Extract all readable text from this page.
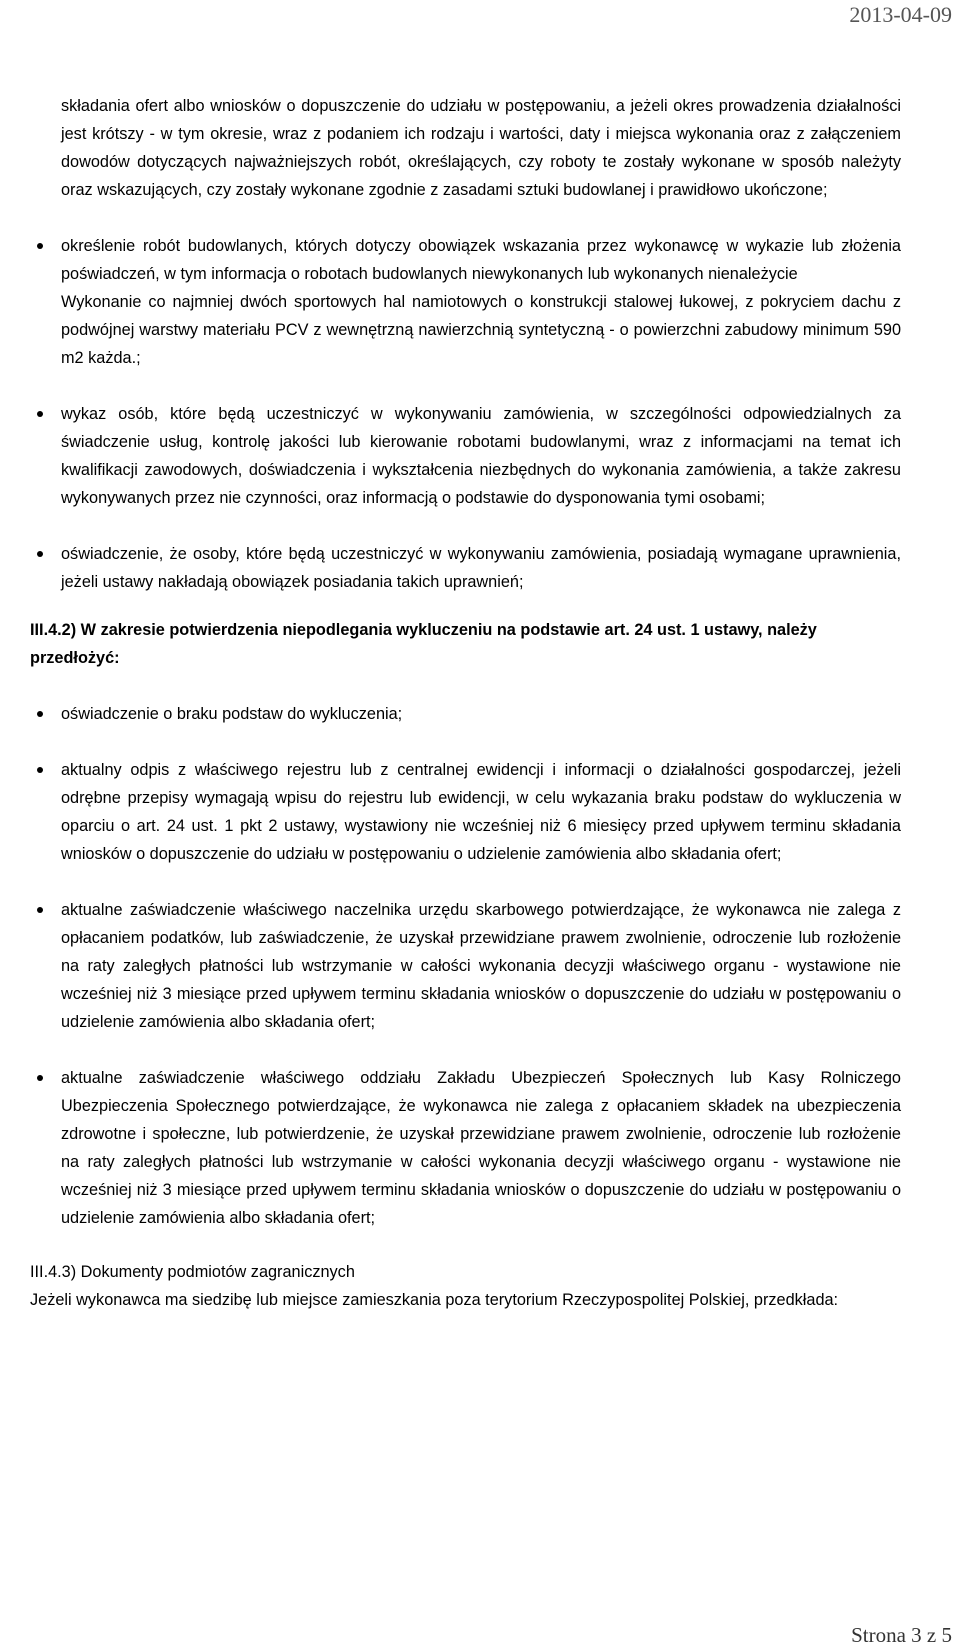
2013-04-09

składania ofert albo wniosków o dopuszczenie do udziału w postępowaniu, a jeżeli okres prowadzenia działalności jest krótszy - w tym okresie, wraz z podaniem ich rodzaju i wartości, daty i miejsca wykonania oraz z załączeniem dowodów dotyczących najważniejszych robót, określających, czy roboty te zostały wykonane w sposób należyty oraz wskazujących, czy zostały wykonane zgodnie z zasadami sztuki budowlanej i prawidłowo ukończone;

określenie robót budowlanych, których dotyczy obowiązek wskazania przez wykonawcę w wykazie lub złożenia poświadczeń, w tym informacja o robotach budowlanych niewykonanych lub wykonanych nienależycie

Wykonanie co najmniej dwóch sportowych hal namiotowych o konstrukcji stalowej łukowej, z pokryciem dachu z podwójnej warstwy materiału PCV z wewnętrzną nawierzchnią syntetyczną - o powierzchni zabudowy minimum 590 m2 każda.;

wykaz osób, które będą uczestniczyć w wykonywaniu zamówienia, w szczególności odpowiedzialnych za świadczenie usług, kontrolę jakości lub kierowanie robotami budowlanymi, wraz z informacjami na temat ich kwalifikacji zawodowych, doświadczenia i wykształcenia niezbędnych do wykonania zamówienia, a także zakresu wykonywanych przez nie czynności, oraz informacją o podstawie do dysponowania tymi osobami;

oświadczenie, że osoby, które będą uczestniczyć w wykonywaniu zamówienia, posiadają wymagane uprawnienia, jeżeli ustawy nakładają obowiązek posiadania takich uprawnień;

III.4.2) W zakresie potwierdzenia niepodlegania wykluczeniu na podstawie art. 24 ust. 1 ustawy, należy przedłożyć:

oświadczenie o braku podstaw do wykluczenia;

aktualny odpis z właściwego rejestru lub z centralnej ewidencji i informacji o działalności gospodarczej, jeżeli odrębne przepisy wymagają wpisu do rejestru lub ewidencji, w celu wykazania braku podstaw do wykluczenia w oparciu o art. 24 ust. 1 pkt 2 ustawy, wystawiony nie wcześniej niż 6 miesięcy przed upływem terminu składania wniosków o dopuszczenie do udziału w postępowaniu o udzielenie zamówienia albo składania ofert;

aktualne zaświadczenie właściwego naczelnika urzędu skarbowego potwierdzające, że wykonawca nie zalega z opłacaniem podatków, lub zaświadczenie, że uzyskał przewidziane prawem zwolnienie, odroczenie lub rozłożenie na raty zaległych płatności lub wstrzymanie w całości wykonania decyzji właściwego organu - wystawione nie wcześniej niż 3 miesiące przed upływem terminu składania wniosków o dopuszczenie do udziału w postępowaniu o udzielenie zamówienia albo składania ofert;

aktualne zaświadczenie właściwego oddziału Zakładu Ubezpieczeń Społecznych lub Kasy Rolniczego Ubezpieczenia Społecznego potwierdzające, że wykonawca nie zalega z opłacaniem składek na ubezpieczenia zdrowotne i społeczne, lub potwierdzenie, że uzyskał przewidziane prawem zwolnienie, odroczenie lub rozłożenie na raty zaległych płatności lub wstrzymanie w całości wykonania decyzji właściwego organu - wystawione nie wcześniej niż 3 miesiące przed upływem terminu składania wniosków o dopuszczenie do udziału w postępowaniu o udzielenie zamówienia albo składania ofert;

III.4.3) Dokumenty podmiotów zagranicznych

Jeżeli wykonawca ma siedzibę lub miejsce zamieszkania poza terytorium Rzeczypospolitej Polskiej, przedkłada:

Strona 3 z 5
